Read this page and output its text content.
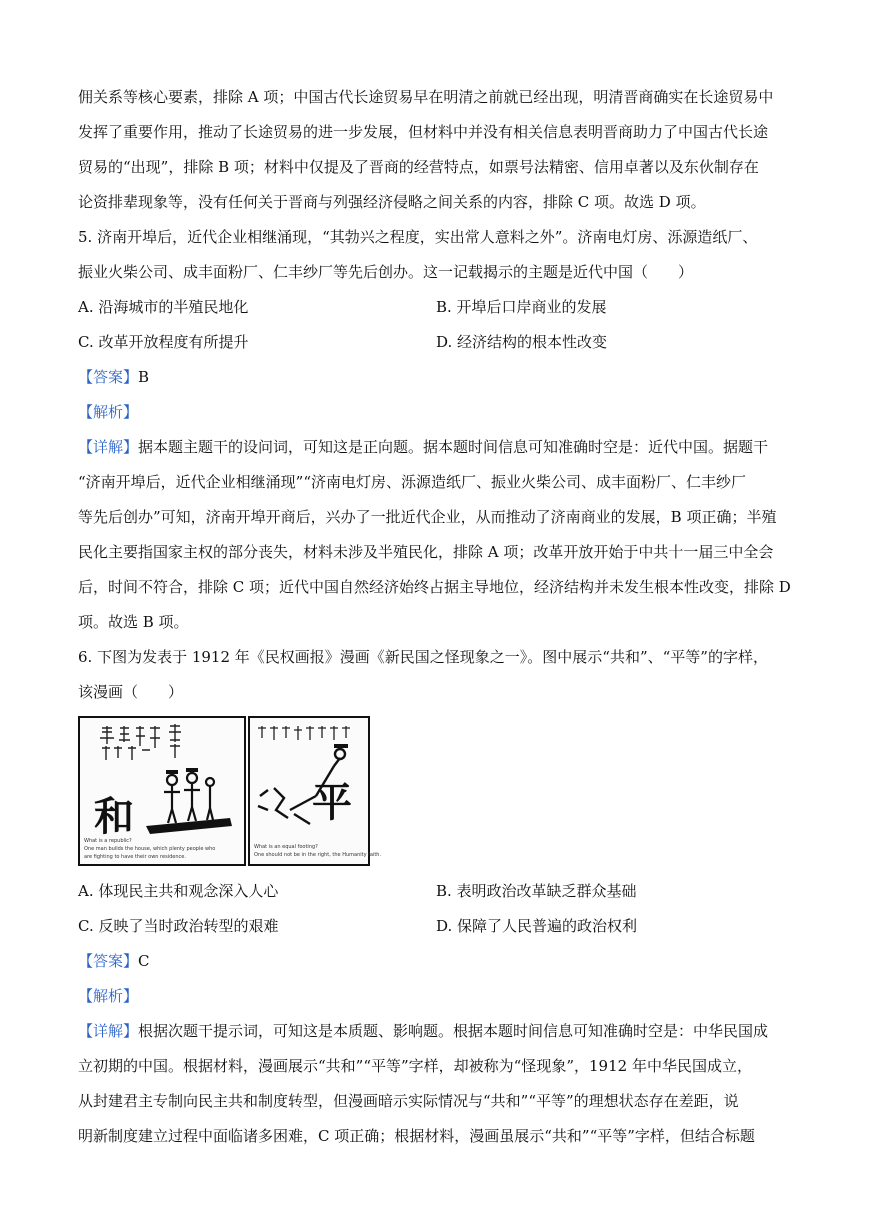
佣关系等核心要素，排除 A 项；中国古代长途贸易早在明清之前就已经出现，明清晋商确实在长途贸易中
发挥了重要作用，推动了长途贸易的进一步发展，但材料中并没有相关信息表明晋商助力了中国古代长途
贸易的“出现”，排除 B 项；材料中仅提及了晋商的经营特点，如票号法精密、信用卓著以及东伙制存在
论资排辈现象等，没有任何关于晋商与列强经济侵略之间关系的内容，排除 C 项。故选 D 项。
5. 济南开埠后，近代企业相继涌现，“其勃兴之程度，实出常人意料之外”。济南电灯房、泺源造纸厂、
振业火柴公司、成丰面粉厂、仁丰纱厂等先后创办。这一记载揭示的主题是近代中国（　　）
A. 沿海城市的半殖民地化	B. 开埠后口岸商业的发展
C. 改革开放程度有所提升	D. 经济结构的根本性改变
【答案】B
【解析】
【详解】据本题主题干的设问词，可知这是正向题。据本题时间信息可知准确时空是：近代中国。据题干
“济南开埠后，近代企业相继涌现”“济南电灯房、泺源造纸厂、振业火柴公司、成丰面粉厂、仁丰纱厂
等先后创办”可知，济南开埠开商后，兴办了一批近代企业，从而推动了济南商业的发展，B 项正确；半殖
民化主要指国家主权的部分丧失，材料未涉及半殖民化，排除 A 项；改革开放开始于中共十一届三中全会
后，时间不符合，排除 C 项；近代中国自然经济始终占据主导地位，经济结构并未发生根本性改变，排除 D
项。故选 B 项。
6. 下图为发表于 1912 年《民权画报》漫画《新民国之怪现象之一》。图中展示“共和”、“平等”的字样，
该漫画（　　）
和
What is a republic?
One man builds the house, which plenty people who
are fighting to have their own residence.
平
What is an equal footing?
One should not be in the right, the Humanity faith.
A. 体现民主共和观念深入人心	B. 表明政治改革缺乏群众基础
C. 反映了当时政治转型的艰难	D. 保障了人民普遍的政治权利
【答案】C
【解析】
【详解】根据次题干提示词，可知这是本质题、影响题。根据本题时间信息可知准确时空是：中华民国成
立初期的中国。根据材料，漫画展示“共和”“平等”字样，却被称为“怪现象”，1912 年中华民国成立，
从封建君主专制向民主共和制度转型，但漫画暗示实际情况与“共和”“平等”的理想状态存在差距，说
明新制度建立过程中面临诸多困难，C 项正确；根据材料，漫画虽展示“共和”“平等”字样，但结合标题
